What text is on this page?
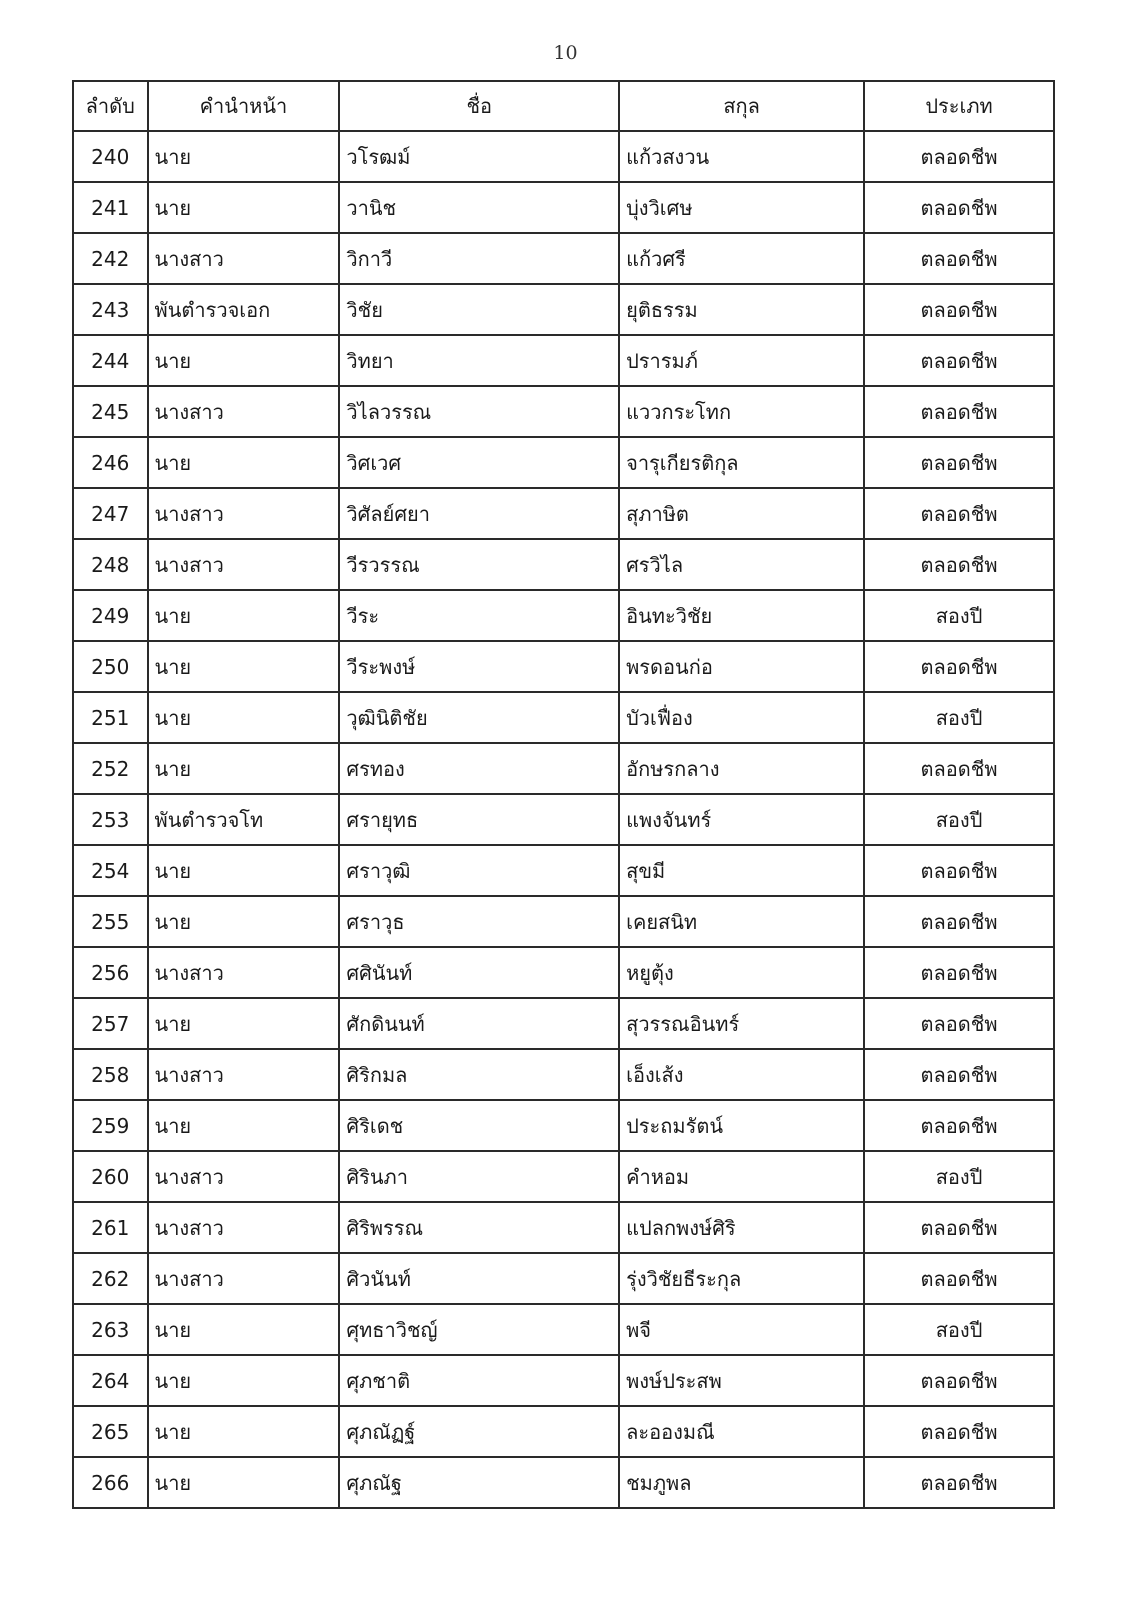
10
ลำดับ	คำนำหน้า	ชื่อ	สกุล	ประเภท
240	นาย	วโรฒม์	แก้วสงวน	ตลอดชีพ
241	นาย	วานิช	บุ่งวิเศษ	ตลอดชีพ
242	นางสาว	วิกาวี	แก้วศรี	ตลอดชีพ
243	พันตำรวจเอก	วิชัย	ยุติธรรม	ตลอดชีพ
244	นาย	วิทยา	ปรารมภ์	ตลอดชีพ
245	นางสาว	วิไลวรรณ	แววกระโทก	ตลอดชีพ
246	นาย	วิศเวศ	จารุเกียรติกุล	ตลอดชีพ
247	นางสาว	วิศัลย์ศยา	สุภาษิต	ตลอดชีพ
248	นางสาว	วีรวรรณ	ศรวิไล	ตลอดชีพ
249	นาย	วีระ	อินทะวิชัย	สองปี
250	นาย	วีระพงษ์	พรดอนก่อ	ตลอดชีพ
251	นาย	วุฒินิติชัย	บัวเฟื่อง	สองปี
252	นาย	ศรทอง	อักษรกลาง	ตลอดชีพ
253	พันตำรวจโท	ศรายุทธ	แพงจันทร์	สองปี
254	นาย	ศราวุฒิ	สุขมี	ตลอดชีพ
255	นาย	ศราวุธ	เคยสนิท	ตลอดชีพ
256	นางสาว	ศศินันท์	หยูตุ้ง	ตลอดชีพ
257	นาย	ศักดินนท์	สุวรรณอินทร์	ตลอดชีพ
258	นางสาว	ศิริกมล	เอ็งเส้ง	ตลอดชีพ
259	นาย	ศิริเดช	ประถมรัตน์	ตลอดชีพ
260	นางสาว	ศิรินภา	คำหอม	สองปี
261	นางสาว	ศิริพรรณ	แปลกพงษ์ศิริ	ตลอดชีพ
262	นางสาว	ศิวนันท์	รุ่งวิชัยธีระกุล	ตลอดชีพ
263	นาย	ศุทธาวิชญ์	พจี	สองปี
264	นาย	ศุภชาติ	พงษ์ประสพ	ตลอดชีพ
265	นาย	ศุภณัฏฐ์	ละอองมณี	ตลอดชีพ
266	นาย	ศุภณัฐ	ชมภูพล	ตลอดชีพ
